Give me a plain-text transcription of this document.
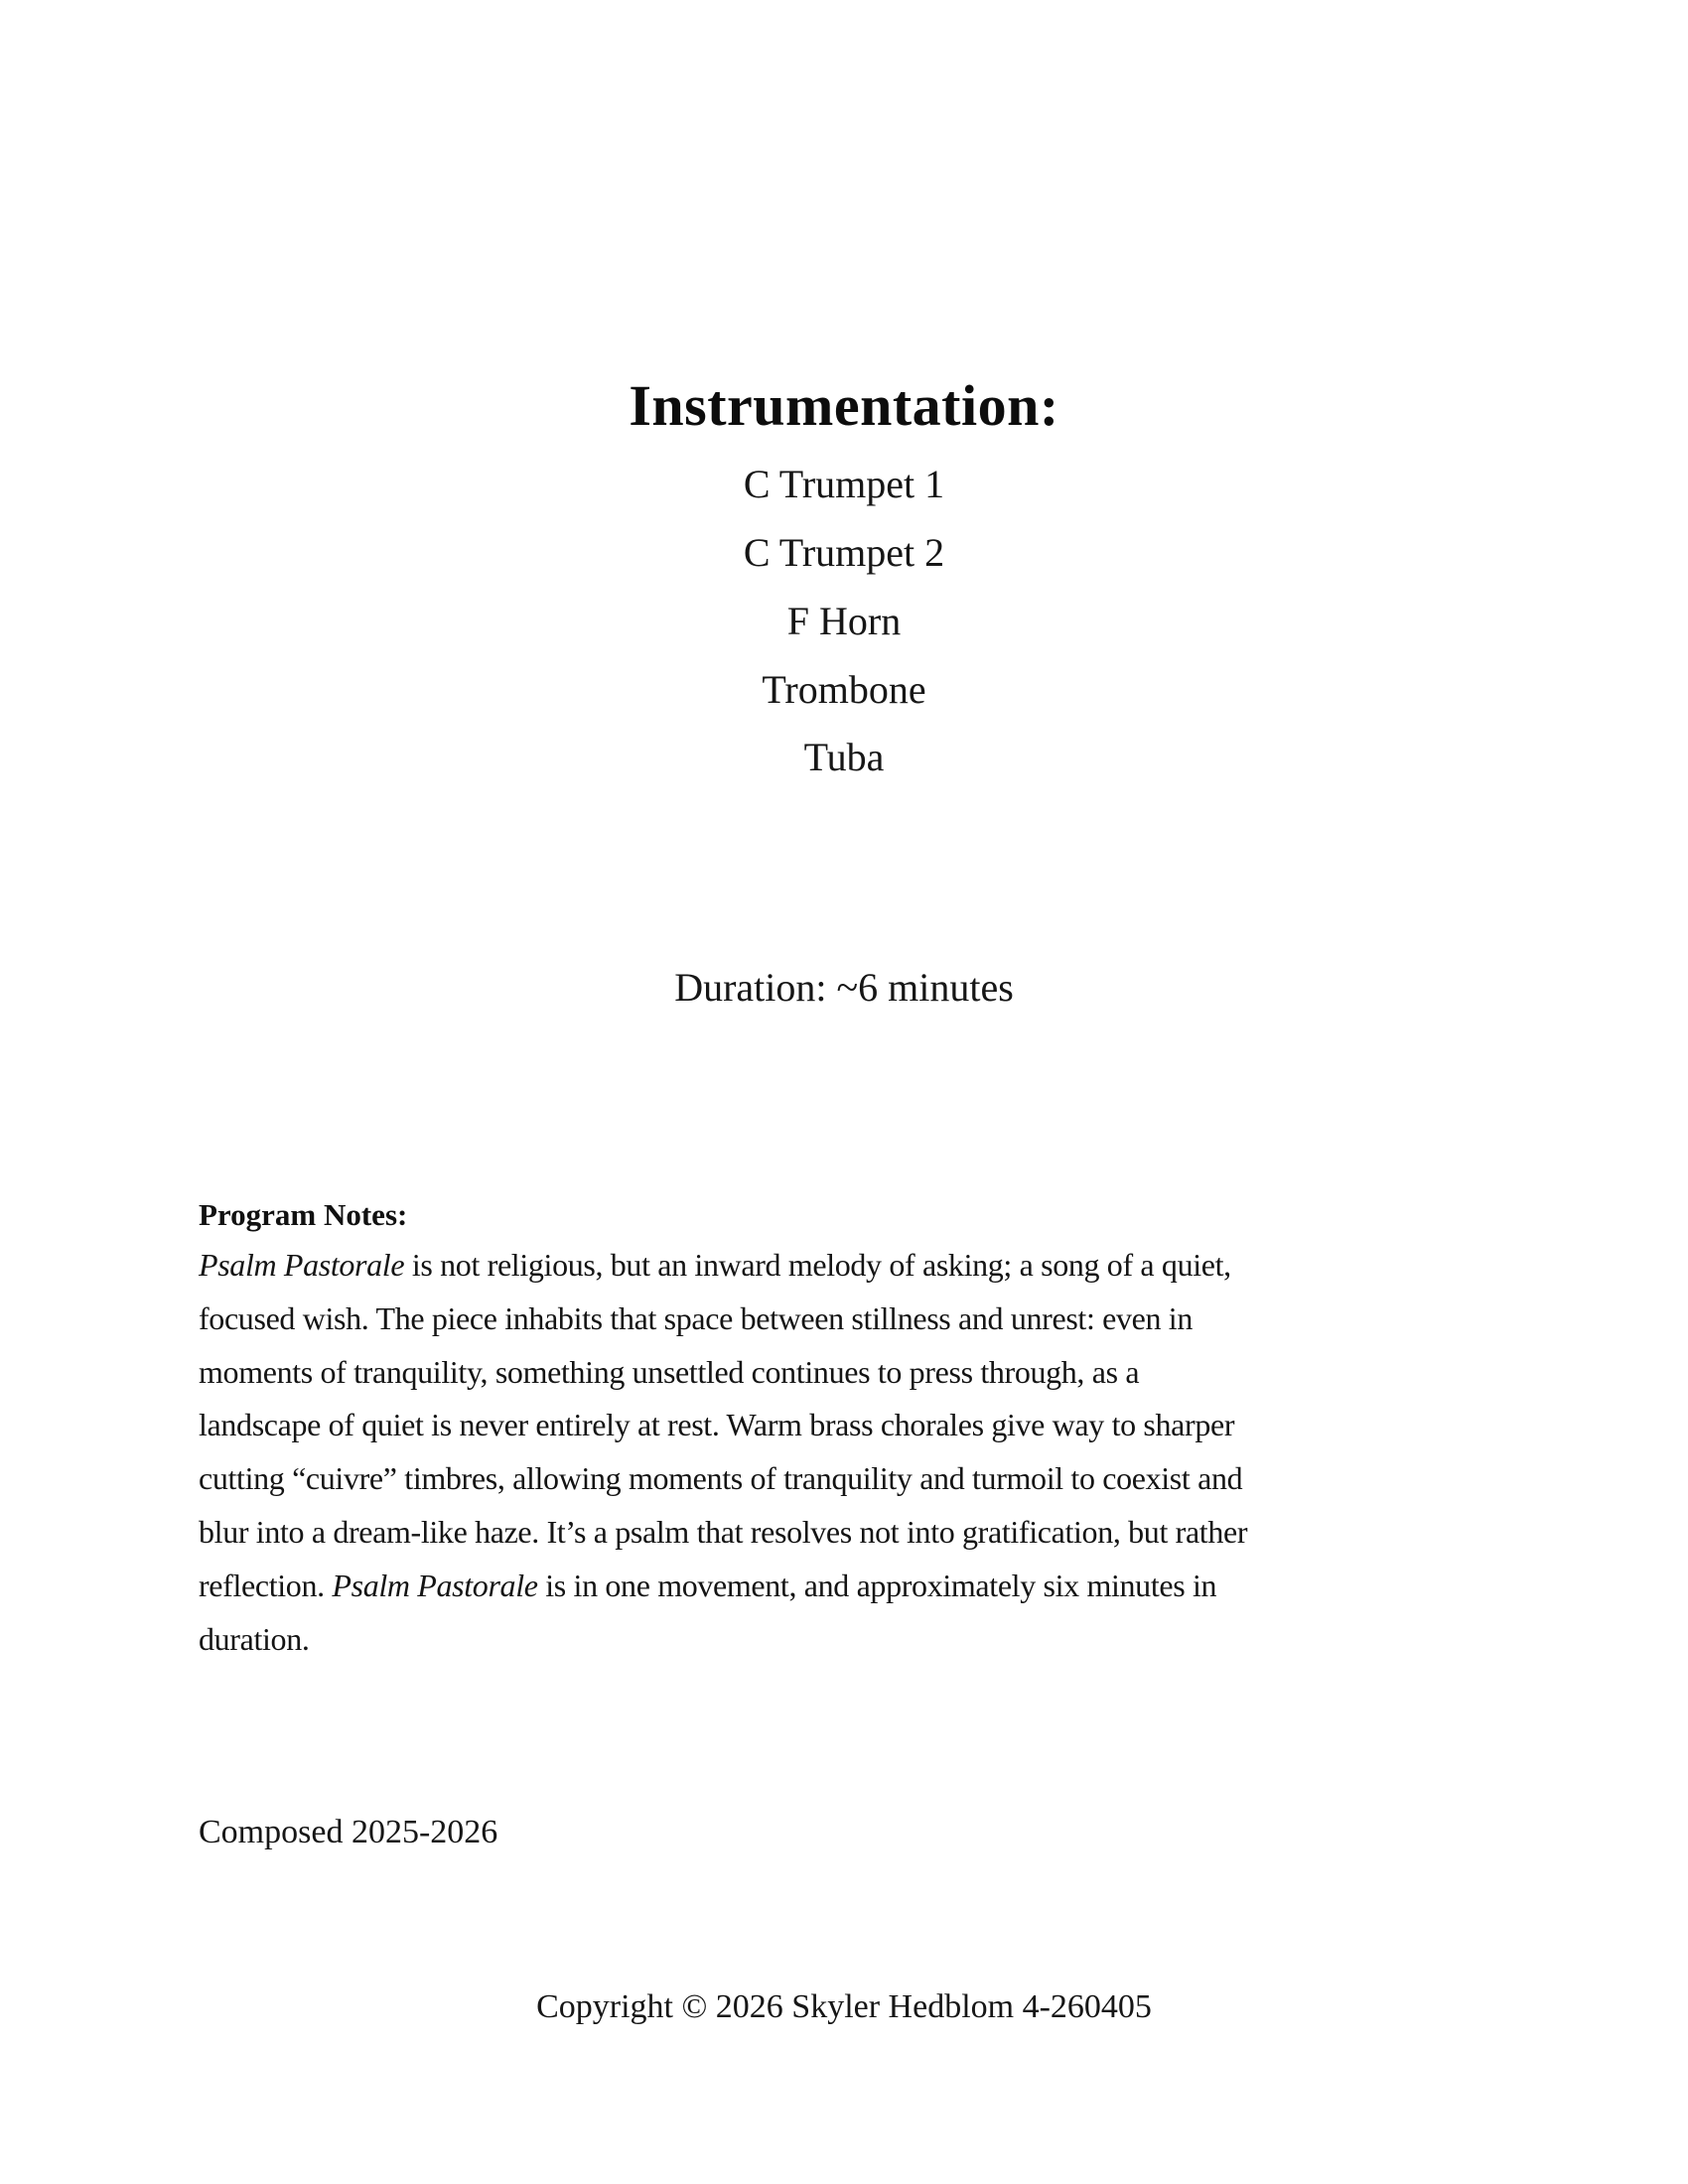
Instrumentation:
C Trumpet 1
C Trumpet 2
F Horn
Trombone
Tuba
Duration: ~6 minutes
Program Notes:
Psalm Pastorale is not religious, but an inward melody of asking; a song of a quiet,
focused wish. The piece inhabits that space between stillness and unrest: even in
moments of tranquility, something unsettled continues to press through, as a
landscape of quiet is never entirely at rest. Warm brass chorales give way to sharper
cutting “cuivre” timbres, allowing moments of tranquility and turmoil to coexist and
blur into a dream-like haze. It’s a psalm that resolves not into gratification, but rather
reflection. Psalm Pastorale is in one movement, and approximately six minutes in
duration.
Composed 2025-2026
Copyright © 2026 Skyler Hedblom 4-260405
